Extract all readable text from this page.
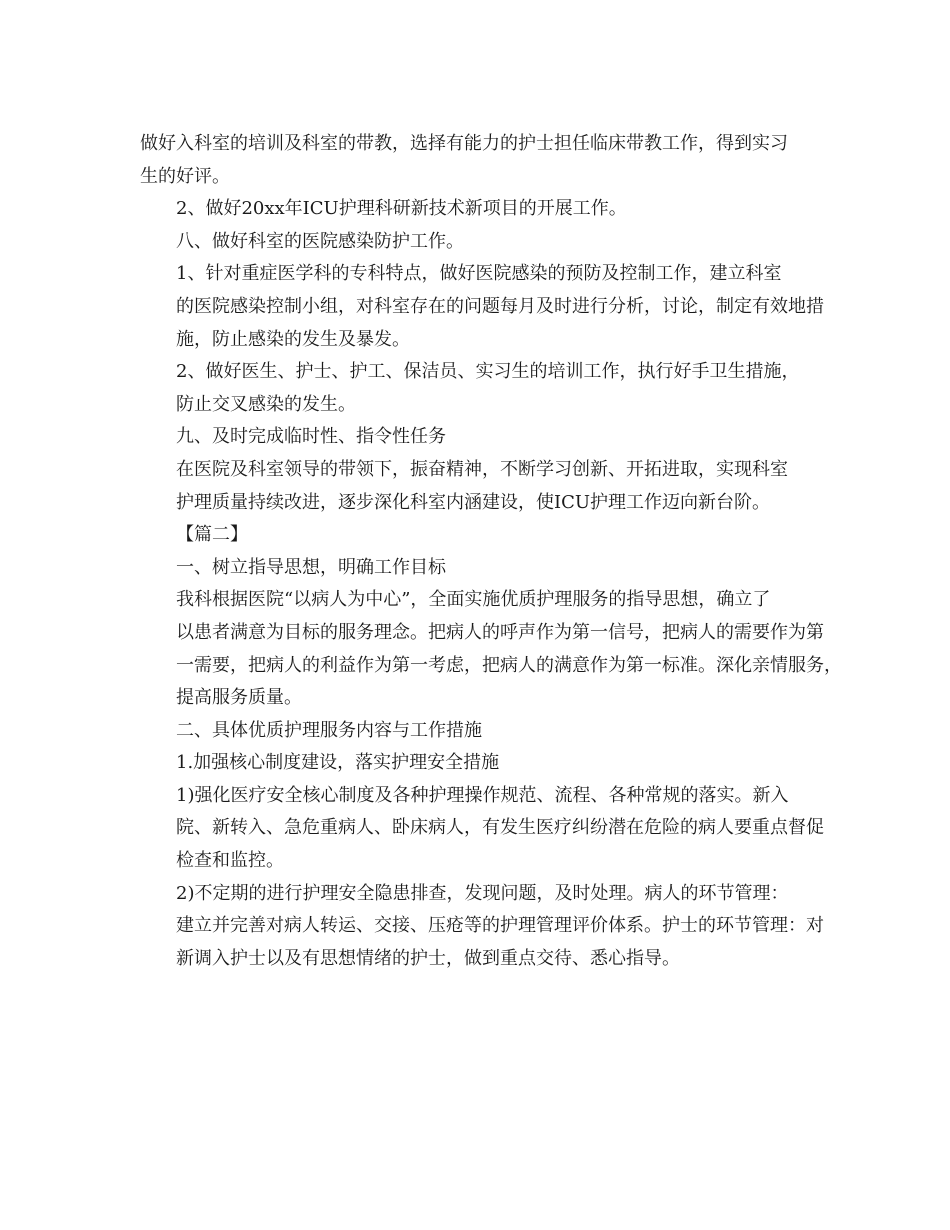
做好入科室的培训及科室的带教，选择有能力的护士担任临床带教工作，得到实习
生的好评。

2、做好20xx年ICU护理科研新技术新项目的开展工作。

八、做好科室的医院感染防护工作。

1、针对重症医学科的专科特点，做好医院感染的预防及控制工作，建立科室
的医院感染控制小组，对科室存在的问题每月及时进行分析，讨论，制定有效地措
施，防止感染的发生及暴发。

2、做好医生、护士、护工、保洁员、实习生的培训工作，执行好手卫生措施，
防止交叉感染的发生。

九、及时完成临时性、指令性任务

在医院及科室领导的带领下，振奋精神，不断学习创新、开拓进取，实现科室
护理质量持续改进，逐步深化科室内涵建设，使ICU护理工作迈向新台阶。

【篇二】

一、树立指导思想，明确工作目标

我科根据医院“以病人为中心”，全面实施优质护理服务的指导思想，确立了
以患者满意为目标的服务理念。把病人的呼声作为第一信号，把病人的需要作为第
一需要，把病人的利益作为第一考虑，把病人的满意作为第一标准。深化亲情服务，
提高服务质量。

二、具体优质护理服务内容与工作措施

1.加强核心制度建设，落实护理安全措施

1)强化医疗安全核心制度及各种护理操作规范、流程、各种常规的落实。新入
院、新转入、急危重病人、卧床病人，有发生医疗纠纷潜在危险的病人要重点督促
检查和监控。

2)不定期的进行护理安全隐患排查，发现问题，及时处理。病人的环节管理：
建立并完善对病人转运、交接、压疮等的护理管理评价体系。护士的环节管理：对
新调入护士以及有思想情绪的护士，做到重点交待、悉心指导。
